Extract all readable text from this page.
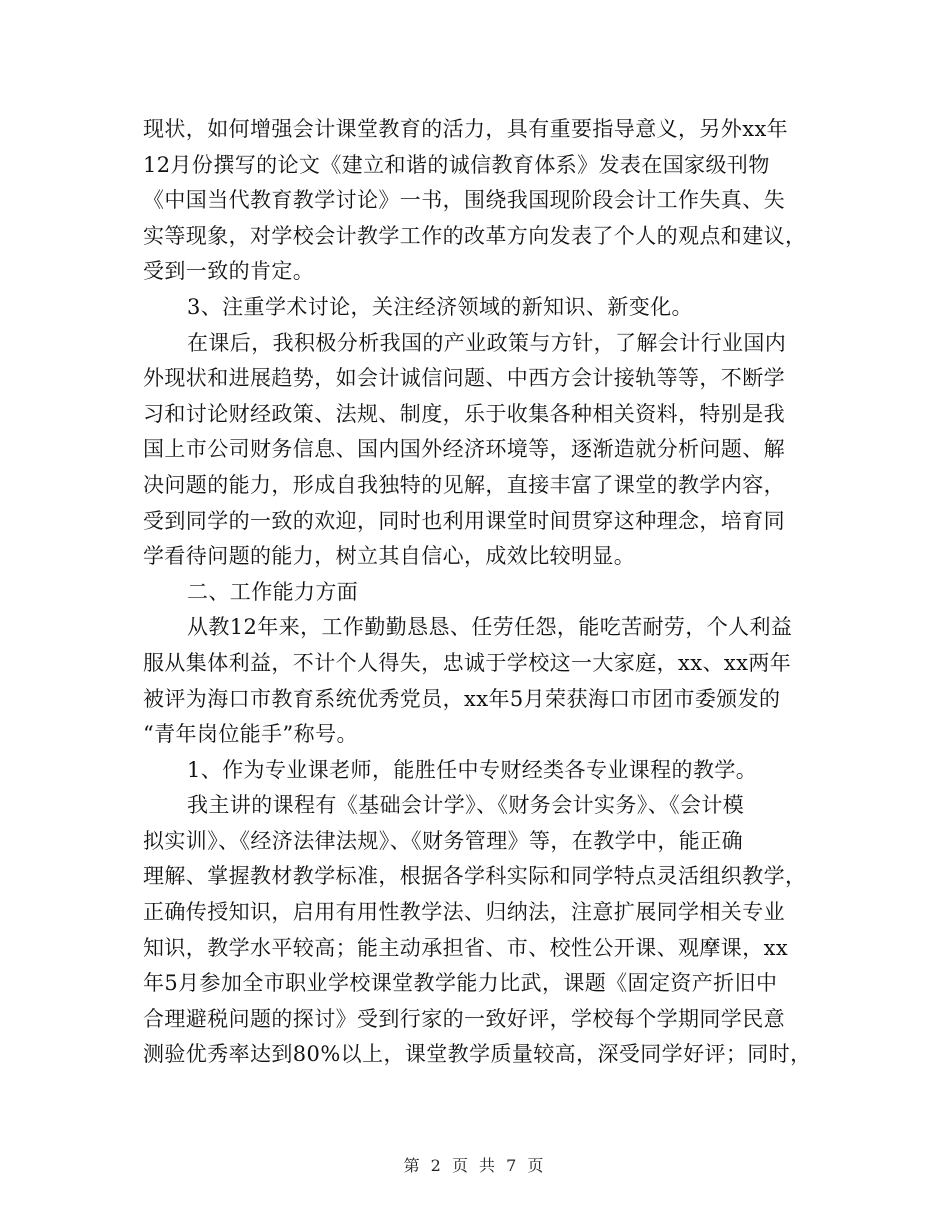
现状，如何增强会计课堂教育的活力，具有重要指导意义，另外xx年
12月份撰写的论文《建立和谐的诚信教育体系》发表在国家级刊物
《中国当代教育教学讨论》一书，围绕我国现阶段会计工作失真、失
实等现象，对学校会计教学工作的改革方向发表了个人的观点和建议，
受到一致的肯定。
3、注重学术讨论，关注经济领域的新知识、新变化。
在课后，我积极分析我国的产业政策与方针，了解会计行业国内
外现状和进展趋势，如会计诚信问题、中西方会计接轨等等，不断学
习和讨论财经政策、法规、制度，乐于收集各种相关资料，特别是我
国上市公司财务信息、国内国外经济环境等，逐渐造就分析问题、解
决问题的能力，形成自我独特的见解，直接丰富了课堂的教学内容，
受到同学的一致的欢迎，同时也利用课堂时间贯穿这种理念，培育同
学看待问题的能力，树立其自信心，成效比较明显。
二、工作能力方面
从教12年来，工作勤勤恳恳、任劳任怨，能吃苦耐劳，个人利益
服从集体利益，不计个人得失，忠诚于学校这一大家庭，xx、xx两年
被评为海口市教育系统优秀党员，xx年5月荣获海口市团市委颁发的
“青年岗位能手”称号。
1、作为专业课老师，能胜任中专财经类各专业课程的教学。
我主讲的课程有《基础会计学》、《财务会计实务》、《会计模
拟实训》、《经济法律法规》、《财务管理》等，在教学中，能正确
理解、掌握教材教学标准，根据各学科实际和同学特点灵活组织教学，
正确传授知识，启用有用性教学法、归纳法，注意扩展同学相关专业
知识，教学水平较高；能主动承担省、市、校性公开课、观摩课，xx
年5月参加全市职业学校课堂教学能力比武，课题《固定资产折旧中
合理避税问题的探讨》受到行家的一致好评，学校每个学期同学民意
测验优秀率达到80%以上，课堂教学质量较高，深受同学好评；同时，
第 2 页 共 7 页
